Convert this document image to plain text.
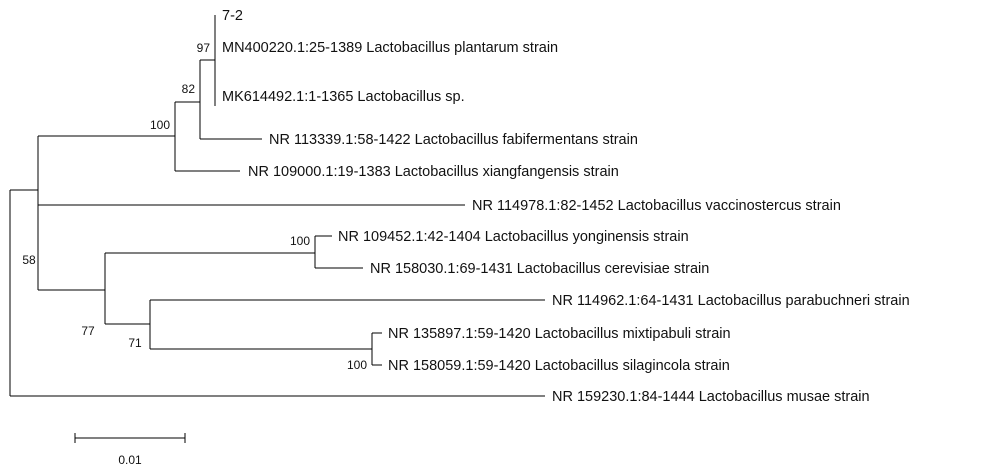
7-2
MN400220.1:25-1389 Lactobacillus plantarum strain
MK614492.1:1-1365 Lactobacillus sp.
NR 113339.1:58-1422 Lactobacillus fabifermentans strain
NR 109000.1:19-1383 Lactobacillus xiangfangensis strain
NR 114978.1:82-1452 Lactobacillus vaccinostercus strain
NR 109452.1:42-1404 Lactobacillus yonginensis strain
NR 158030.1:69-1431 Lactobacillus cerevisiae strain
NR 114962.1:64-1431 Lactobacillus parabuchneri strain
NR 135897.1:59-1420 Lactobacillus mixtipabuli strain
NR 158059.1:59-1420 Lactobacillus silagincola strain
NR 159230.1:84-1444 Lactobacillus musae strain
97
82
100
58
77
100
71
100
0.01
